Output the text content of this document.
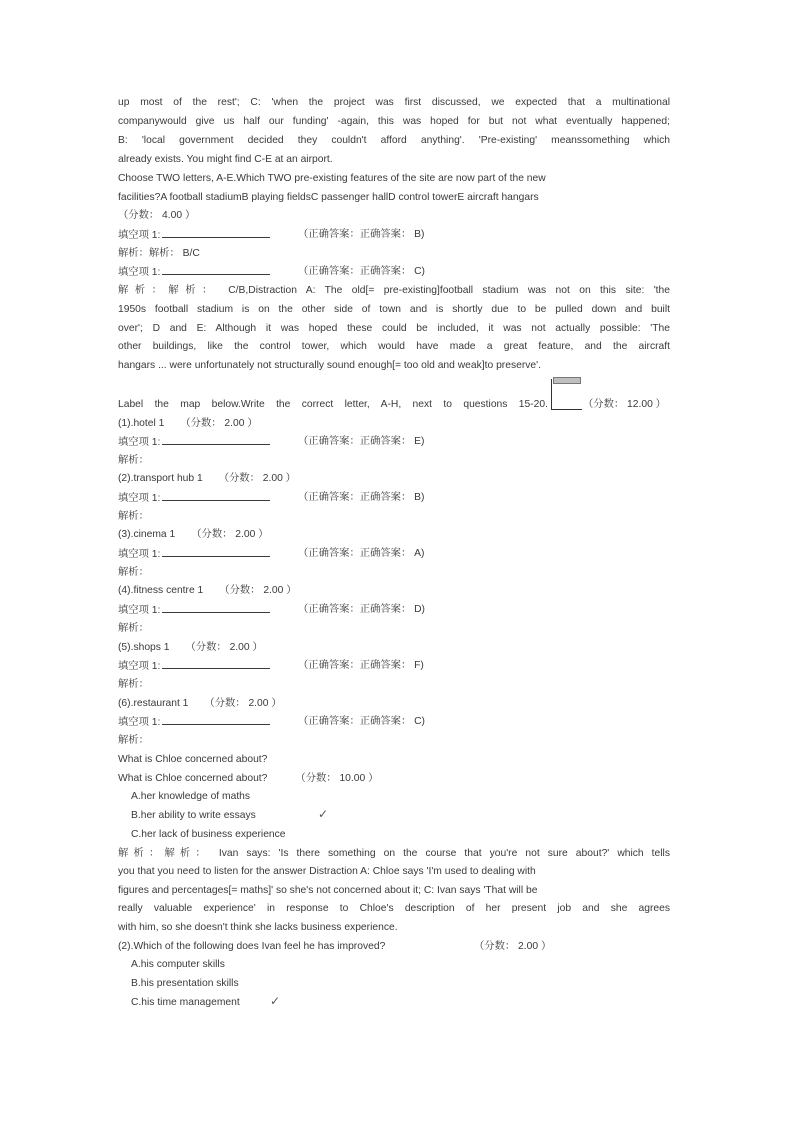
up most of the rest'; C: 'when the project was first discussed, we expected that a multinational
companywould give us half our funding' -again, this was hoped for but not what eventually happened;
B: 'local government decided they couldn't afford anything'. 'Pre-existing' meanssomething which
already exists. You might find C-E at an airport.
Choose TWO letters, A-E.Which TWO pre-existing features of the site are now part of the new
facilities?A football stadiumB playing fieldsC passenger hallD control towerE aircraft hangars
（分数： 4.00 ）
填空项 1:	（正确答案：正确答案： B)
解析：解析： B/C
填空项 1:	（正确答案：正确答案： C)
解析：解析： C/B,Distraction A: The old[= pre-existing]football stadium was not on this site: 'the
1950s football stadium is on the other side of town and is shortly due to be pulled down and built
over'; D and E: Although it was hoped these could be included, it was not actually possible: 'The
other buildings, like the control tower, which would have made a great feature, and the aircraft
hangars ... were unfortunately not structurally sound enough[= too old and weak]to preserve'.
Label the map below.Write the correct letter, A-H, next to questions 15-20.	（分数： 12.00 ）
(1).hotel 1 （分数： 2.00 ）
填空项 1:	（正确答案：正确答案： E)
解析：
(2).transport hub 1 （分数： 2.00 ）
填空项 1:	（正确答案：正确答案： B)
解析：
(3).cinema 1 （分数： 2.00 ）
填空项 1:	（正确答案：正确答案： A)
解析：
(4).fitness centre 1 （分数： 2.00 ）
填空项 1:	（正确答案：正确答案： D)
解析：
(5).shops 1 （分数： 2.00 ）
填空项 1:	（正确答案：正确答案： F)
解析：
(6).restaurant 1 （分数： 2.00 ）
填空项 1:	（正确答案：正确答案： C)
解析：
What is Chloe concerned about?
What is Chloe concerned about?	（分数： 10.00 ）
A.her knowledge of maths
B.her ability to write essays	✓
C.her lack of business experience
解析：解析： Ivan says: 'Is there something on the course that you're not sure about?' which tells
you that you need to listen for the answer Distraction A: Chloe says 'I'm used to dealing with
figures and percentages[= maths]' so she's not concerned about it; C: Ivan says 'That will be
really valuable experience' in response to Chloe's description of her present job and she agrees
with him, so she doesn't think she lacks business experience.
(2).Which of the following does Ivan feel he has improved?	（分数： 2.00 ）
A.his computer skills
B.his presentation skills
C.his time management	✓
